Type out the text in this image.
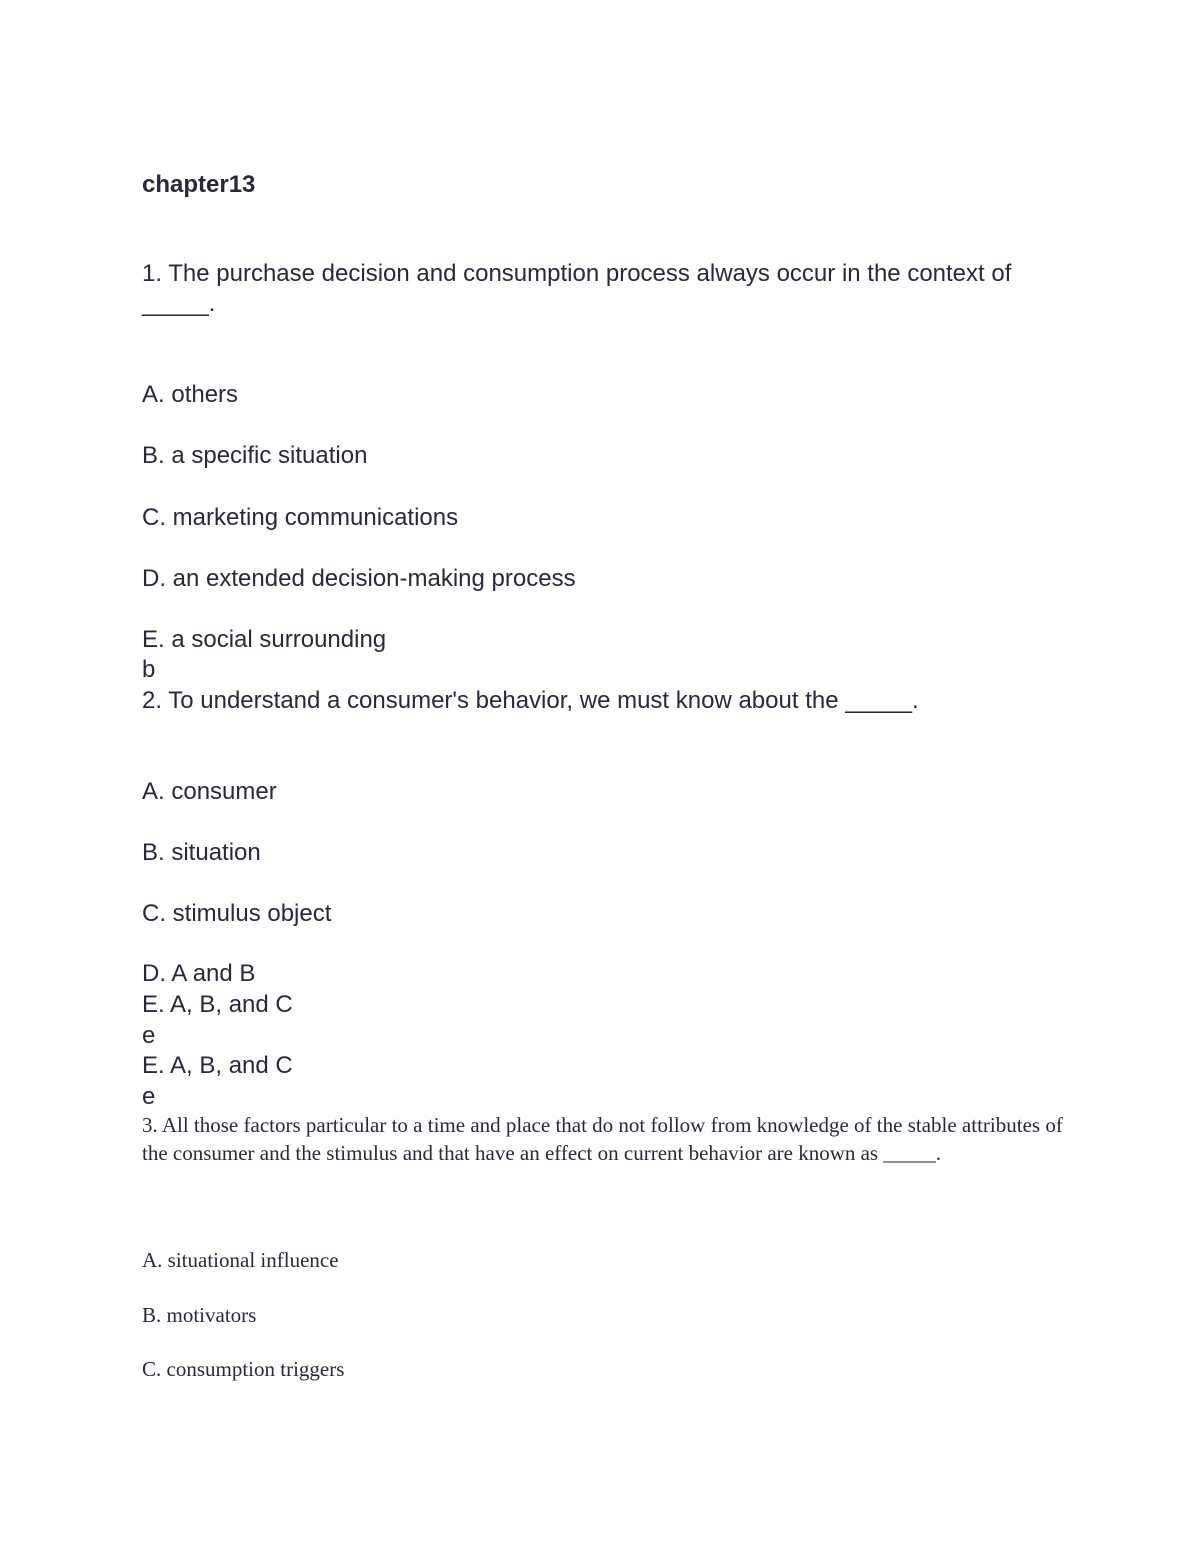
chapter13
1. The purchase decision and consumption process always occur in the context of _____.
A. others
B. a specific situation
C. marketing communications
D. an extended decision-making process
E. a social surrounding
b
2. To understand a consumer's behavior, we must know about the _____.
A. consumer
B. situation
C. stimulus object
D. A and B
E. A, B, and C
e
E. A, B, and C
e
3. All those factors particular to a time and place that do not follow from knowledge of the stable attributes of the consumer and the stimulus and that have an effect on current behavior are known as _____.
A. situational influence
B. motivators
C. consumption triggers
